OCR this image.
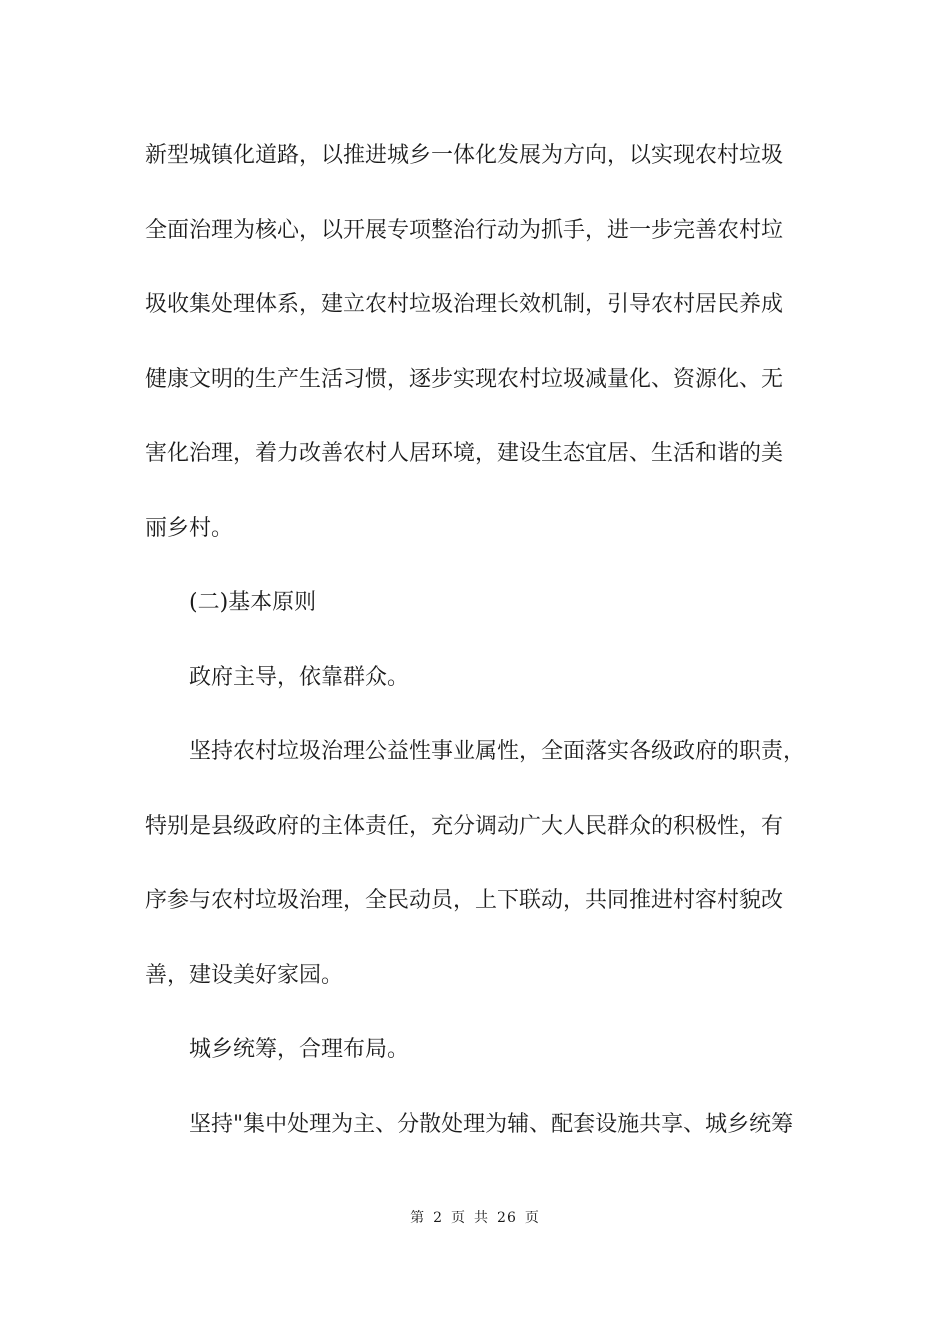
新型城镇化道路，以推进城乡一体化发展为方向，以实现农村垃圾
全面治理为核心，以开展专项整治行动为抓手，进一步完善农村垃
圾收集处理体系，建立农村垃圾治理长效机制，引导农村居民养成
健康文明的生产生活习惯，逐步实现农村垃圾减量化、资源化、无
害化治理，着力改善农村人居环境，建设生态宜居、生活和谐的美
丽乡村。
(二)基本原则
政府主导，依靠群众。
坚持农村垃圾治理公益性事业属性，全面落实各级政府的职责，
特别是县级政府的主体责任，充分调动广大人民群众的积极性，有
序参与农村垃圾治理，全民动员，上下联动，共同推进村容村貌改
善，建设美好家园。
城乡统筹，合理布局。
坚持"集中处理为主、分散处理为辅、配套设施共享、城乡统筹
第 2 页 共 26 页
